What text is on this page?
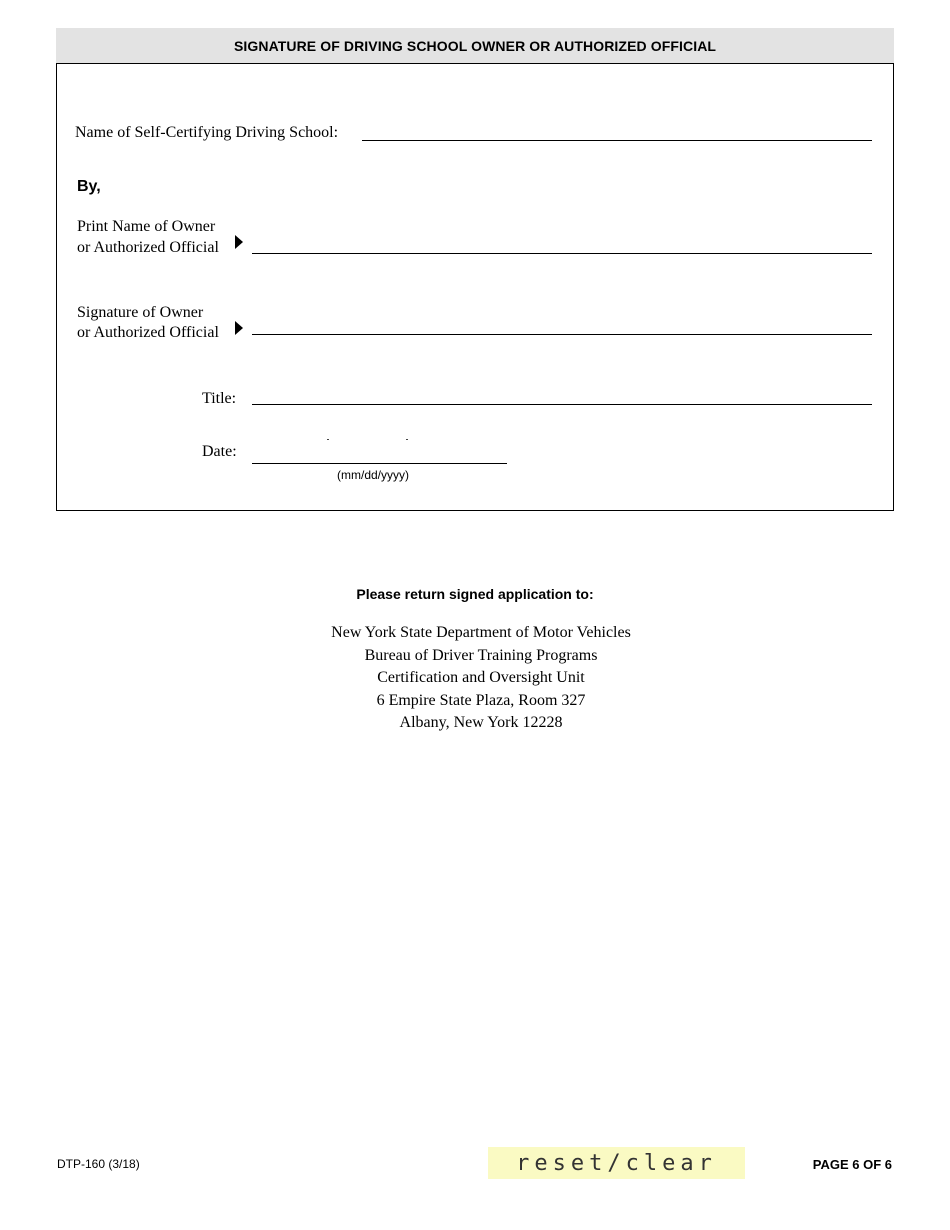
SIGNATURE OF DRIVING SCHOOL OWNER OR AUTHORIZED OFFICIAL
Name of Self-Certifying Driving School:
By,
Print Name of Owner
or Authorized Official
Signature of Owner
or Authorized Official
Title:
Date:
(mm/dd/yyyy)
Please return signed application to:
New York State Department of Motor Vehicles
Bureau of Driver Training Programs
Certification and Oversight Unit
6 Empire State Plaza, Room 327
Albany, New York 12228
DTP-160 (3/18)	reset/clear	PAGE 6 OF 6
